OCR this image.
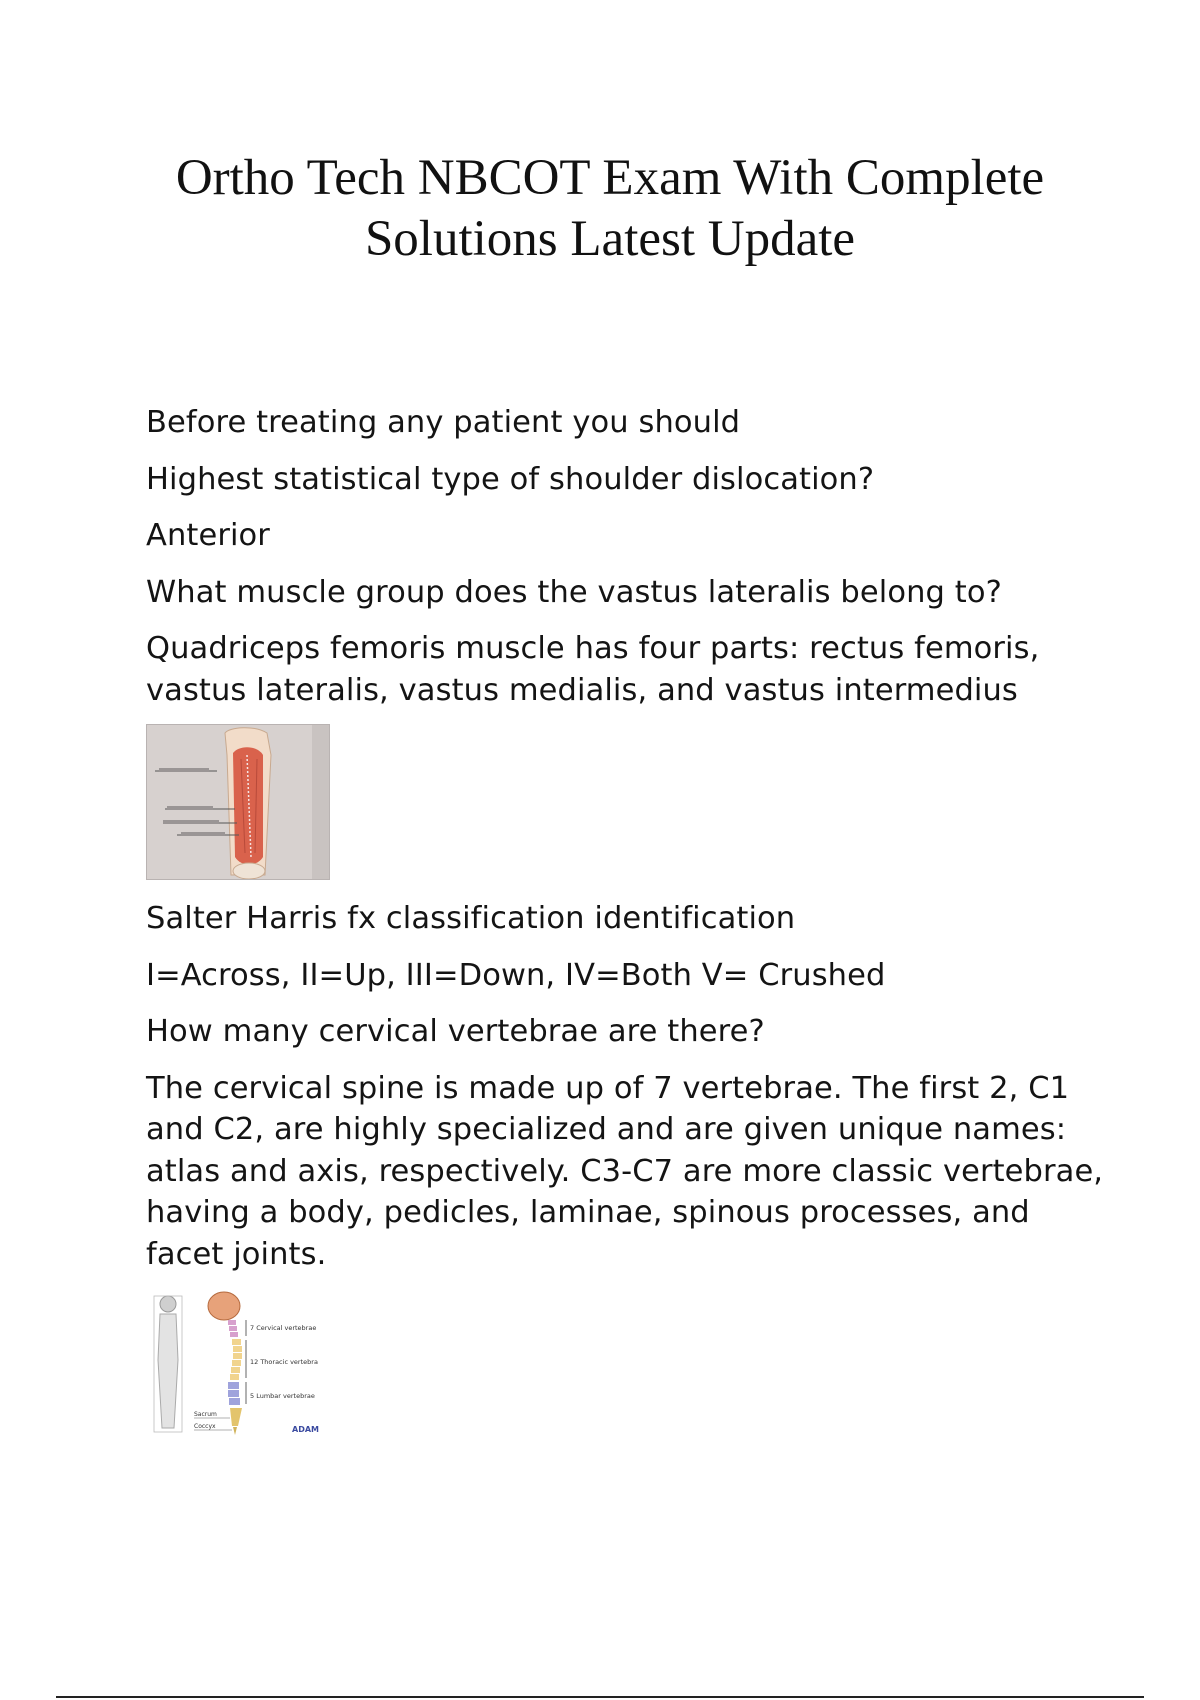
Ortho Tech NBCOT Exam With Complete Solutions Latest Update

Before treating any patient you should

Highest statistical type of shoulder dislocation?

Anterior

What muscle group does the vastus lateralis belong to?

Quadriceps femoris muscle has four parts: rectus femoris, vastus lateralis, vastus medialis, and vastus intermedius

Salter Harris fx classification identification

I=Across, II=Up, III=Down, IV=Both V= Crushed

How many cervical vertebrae are there?

The cervical spine is made up of 7 vertebrae. The first 2, C1 and C2, are highly specialized and are given unique names: atlas and axis, respectively. C3-C7 are more classic vertebrae, having a body, pedicles, laminae, spinous processes, and facet joints.

7 Cervical vertebrae
12 Thoracic vertebra
5 Lumbar vertebrae
Sacrum
Coccyx	ADAM
